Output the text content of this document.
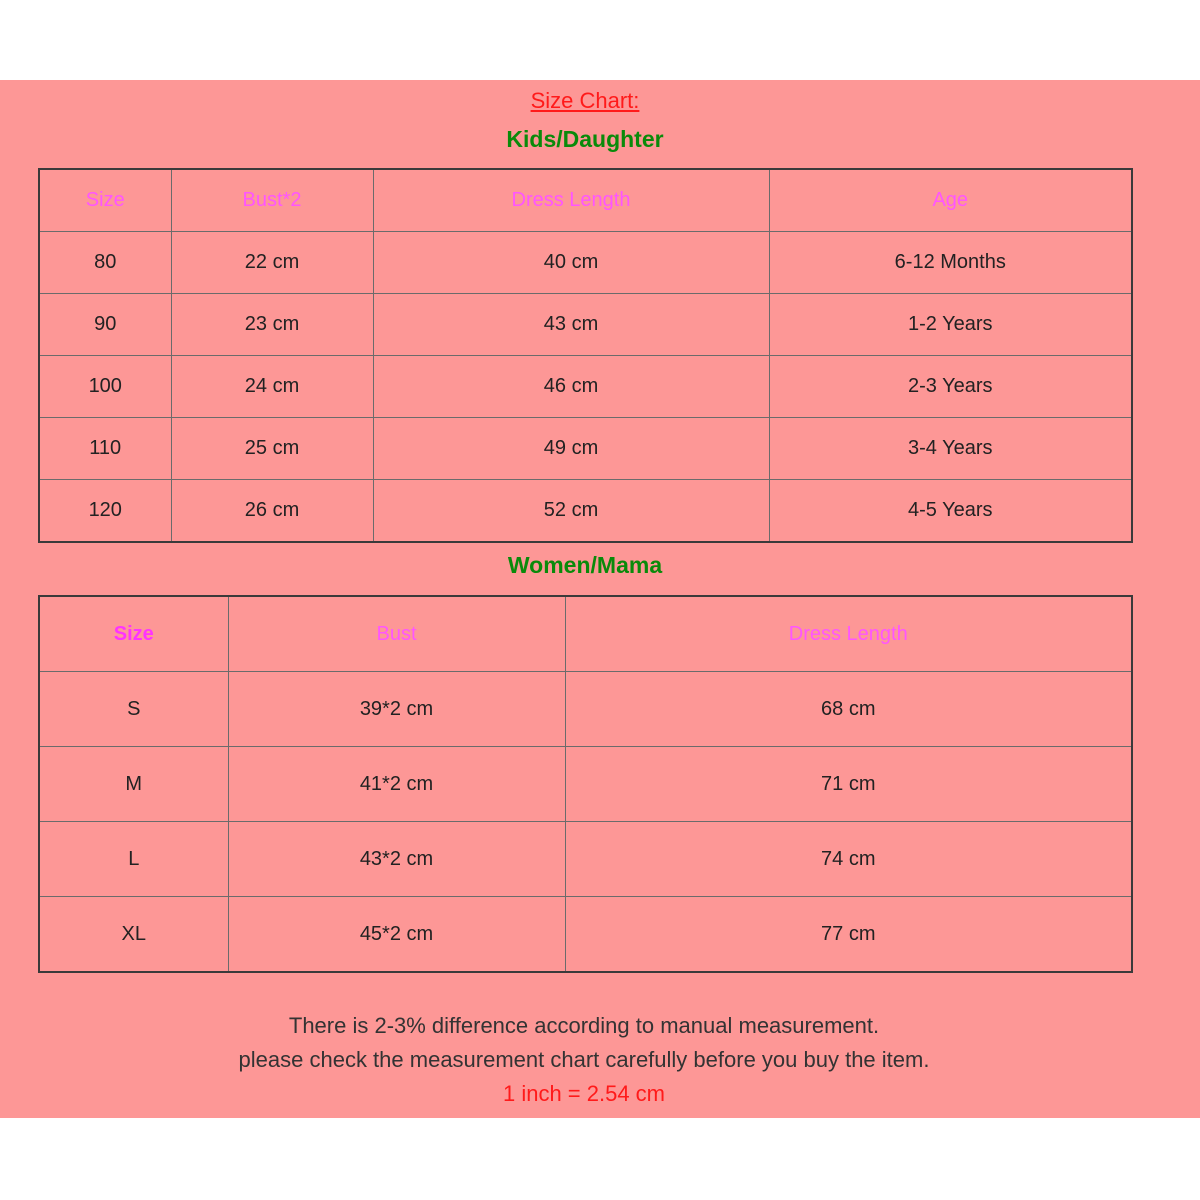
Size Chart:
Kids/Daughter
Size	Bust*2	Dress Length	Age
80	22 cm	40 cm	6-12 Months
90	23 cm	43 cm	1-2 Years
100	24 cm	46 cm	2-3 Years
110	25 cm	49 cm	3-4 Years
120	26 cm	52 cm	4-5 Years
Women/Mama
Size	Bust	Dress Length
S	39*2 cm	68 cm
M	41*2 cm	71 cm
L	43*2 cm	74 cm
XL	45*2 cm	77 cm
There is 2-3% difference according to manual measurement.
please check the measurement chart carefully before you buy the item.
1 inch = 2.54 cm
